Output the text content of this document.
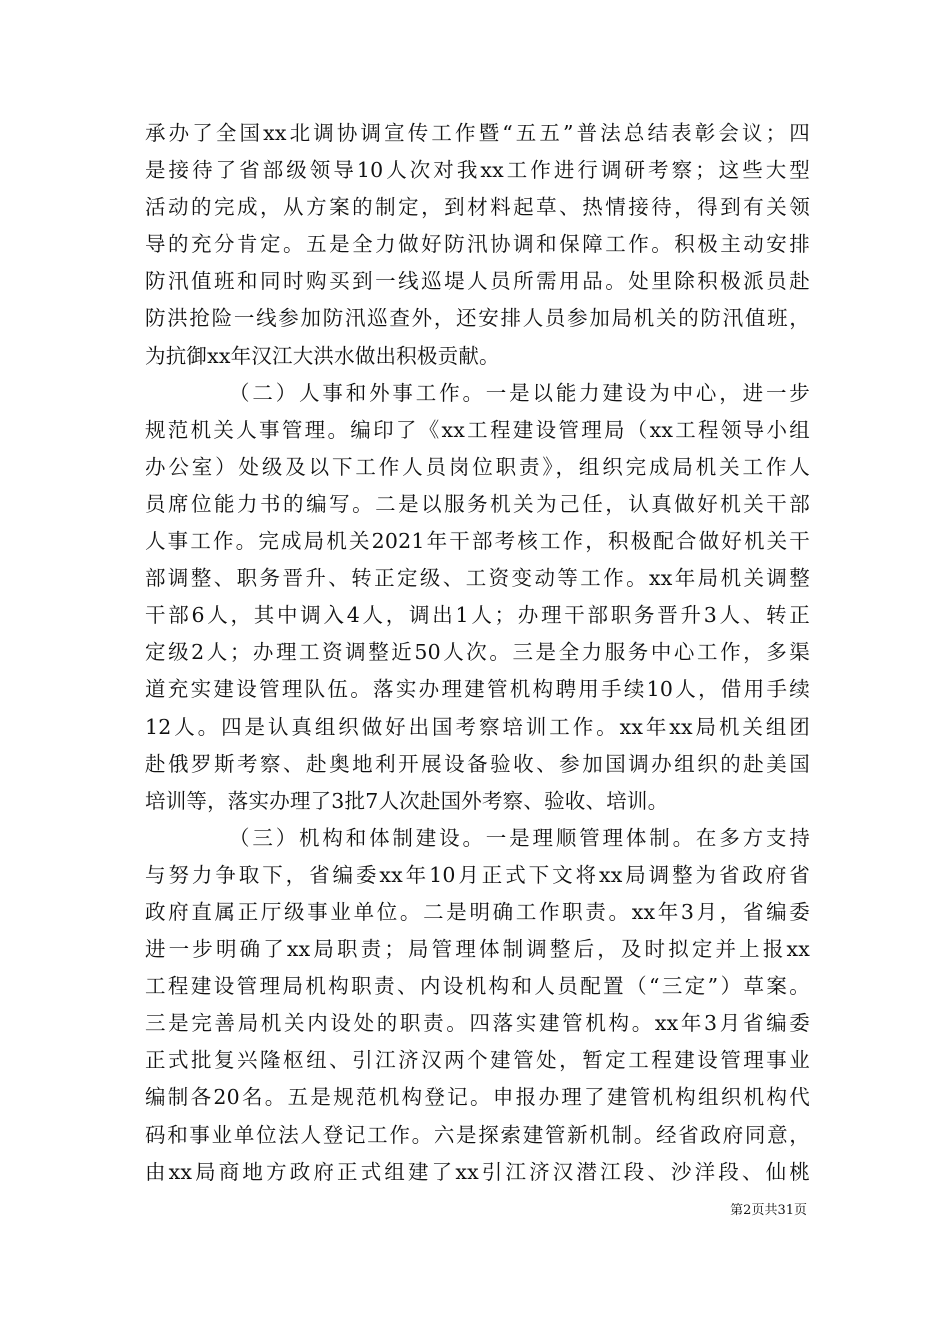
承办了全国xx北调协调宣传工作暨“五五”普法总结表彰会议；四
是接待了省部级领导10人次对我xx工作进行调研考察；这些大型
活动的完成，从方案的制定，到材料起草、热情接待，得到有关领
导的充分肯定。五是全力做好防汛协调和保障工作。积极主动安排
防汛值班和同时购买到一线巡堤人员所需用品。处里除积极派员赴
防洪抢险一线参加防汛巡查外，还安排人员参加局机关的防汛值班，
为抗御xx年汉江大洪水做出积极贡献。
（二）人事和外事工作。一是以能力建设为中心，进一步
规范机关人事管理。编印了《xx工程建设管理局（xx工程领导小组
办公室）处级及以下工作人员岗位职责》，组织完成局机关工作人
员席位能力书的编写。二是以服务机关为己任，认真做好机关干部
人事工作。完成局机关2021年干部考核工作，积极配合做好机关干
部调整、职务晋升、转正定级、工资变动等工作。xx年局机关调整
干部6人，其中调入4人，调出1人；办理干部职务晋升3人、转正
定级2人；办理工资调整近50人次。三是全力服务中心工作，多渠
道充实建设管理队伍。落实办理建管机构聘用手续10人，借用手续
12人。四是认真组织做好出国考察培训工作。xx年xx局机关组团
赴俄罗斯考察、赴奥地利开展设备验收、参加国调办组织的赴美国
培训等，落实办理了3批7人次赴国外考察、验收、培训。
（三）机构和体制建设。一是理顺管理体制。在多方支持
与努力争取下，省编委xx年10月正式下文将xx局调整为省政府省
政府直属正厅级事业单位。二是明确工作职责。xx年3月，省编委
进一步明确了xx局职责；局管理体制调整后，及时拟定并上报xx
工程建设管理局机构职责、内设机构和人员配置（“三定”）草案。
三是完善局机关内设处的职责。四落实建管机构。xx年3月省编委
正式批复兴隆枢纽、引江济汉两个建管处，暂定工程建设管理事业
编制各20名。五是规范机构登记。申报办理了建管机构组织机构代
码和事业单位法人登记工作。六是探索建管新机制。经省政府同意，
由xx局商地方政府正式组建了xx引江济汉潜江段、沙洋段、仙桃
第2页共31页
